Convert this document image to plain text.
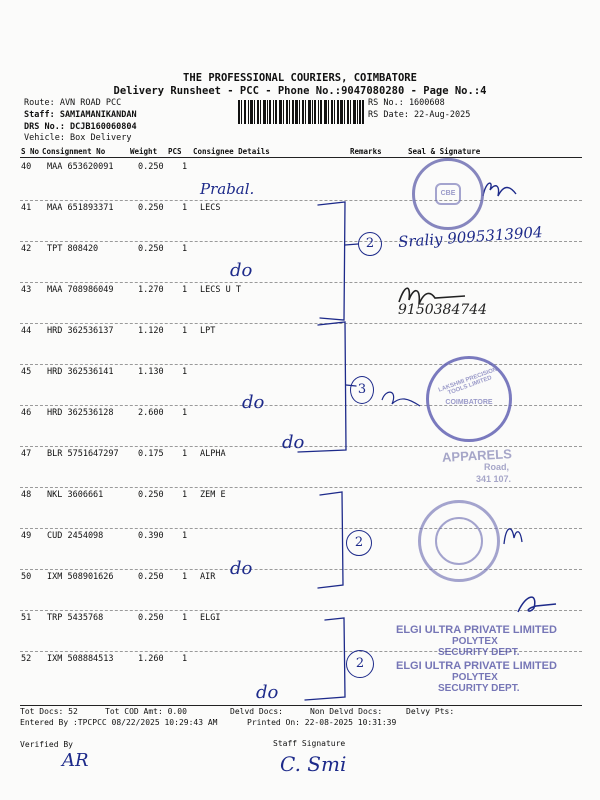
THE PROFESSIONAL COURIERS, COIMBATORE
Delivery Runsheet - PCC - Phone No.:9047080280 - Page No.:4
Route: AVN ROAD PCC
Staff: SAMIAMANIKANDAN
DRS No.: DCJB160060804
Vehicle: Box Delivery
RS No.: 1600608
RS Date: 22-Aug-2025
S No Consignment No	Weight PCS Consignee Details	Remarks	Seal & Signature
40 MAA 653620091	0.250 1
41 MAA 651893371	0.250 1 LECS
42 TPT 808420	0.250 1
43 MAA 708986049	1.270 1 LECS U T
44 HRD 362536137	1.120 1 LPT
45 HRD 362536141	1.130 1
46 HRD 362536128	2.600 1
47 BLR 5751647297 0.175 1 ALPHA
48 NKL 3606661	0.250 1 ZEM E
49 CUD 2454098	0.390 1
50 IXM 508901626	0.250 1 AIR
51 TRP 5435768	0.250 1 ELGI
52 IXM 508884513	1.260 1
Prabal.
do
do
do
do
do
2
3
2
2
Sraliy 9095313904
9150384744
CBE
LAKSHMI PRECISION TOOLS LIMITED
COIMBATORE
APPARELS
Road,
341 107.
ELGI ULTRA PRIVATE LIMITED
POLYTEX
SECURITY DEPT.
ELGI ULTRA PRIVATE LIMITED
POLYTEX
SECURITY DEPT.
Tot Docs: 52	Tot COD Amt: 0.00	Delvd Docs:	Non Delvd Docs:	Delvy Pts:
Entered By :TPCPCC 08/22/2025 10:29:43 AM	Printed On: 22-08-2025 10:31:39
Verified By	Staff Signature
AR	C. Smi
